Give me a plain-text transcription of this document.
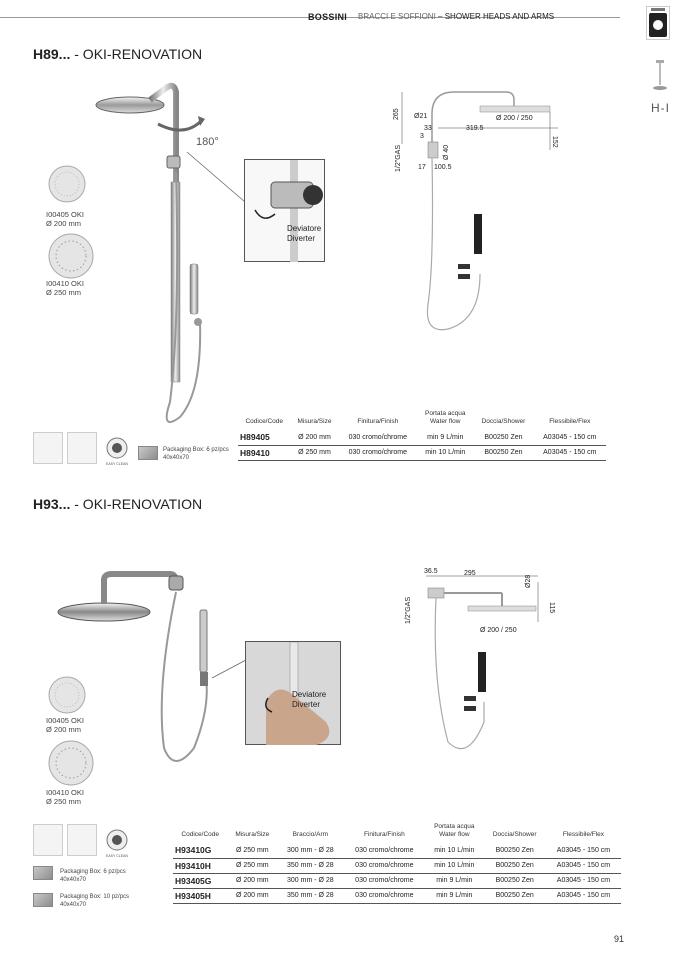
BOSSINI BRACCI E SOFFIONI – SHOWER HEADS AND ARMS
H-I
H89... - OKI-RENOVATION
180°
I00405 OKI
Ø 200 mm
I00410 OKI
Ø 250 mm
Deviatore
Diverter
265 Ø21
33	319.5
3
Ø 200 / 250
152
1/2"GAS	Ø 40
17 100.5
EASY CLEAN
Packaging Box: 6 pz/pcs
40x40x70
Codice/Code	Misura/Size	Finitura/Finish	Portata acqua
Water flow	Doccia/Shower	Flessibile/Flex
H89405	Ø 200 mm	030 cromo/chrome	min 9 L/min	B00250 Zen	A03045 - 150 cm
H89410	Ø 250 mm	030 cromo/chrome	min 10 L/min	B00250 Zen	A03045 - 150 cm
H93... - OKI-RENOVATION
I00405 OKI
Ø 200 mm
I00410 OKI
Ø 250 mm
Deviatore
Diverter
36.5	295
Ø28
1/2"GAS	115
Ø 200 / 250
EASY CLEAN
Packaging Box: 6 pz/pcs
40x40x70
Packaging Box: 10 pz/pcs
40x40x70
Codice/Code	Misura/Size	Braccio/Arm	Finitura/Finish	Portata acqua
Water flow	Doccia/Shower	Flessibile/Flex
H93410G	Ø 250 mm	300 mm - Ø 28	030 cromo/chrome	min 10 L/min	B00250 Zen	A03045 - 150 cm
H93410H	Ø 250 mm	350 mm - Ø 28	030 cromo/chrome	min 10 L/min	B00250 Zen	A03045 - 150 cm
H93405G	Ø 200 mm	300 mm - Ø 28	030 cromo/chrome	min 9 L/min	B00250 Zen	A03045 - 150 cm
H93405H	Ø 200 mm	350 mm - Ø 28	030 cromo/chrome	min 9 L/min	B00250 Zen	A03045 - 150 cm
91
